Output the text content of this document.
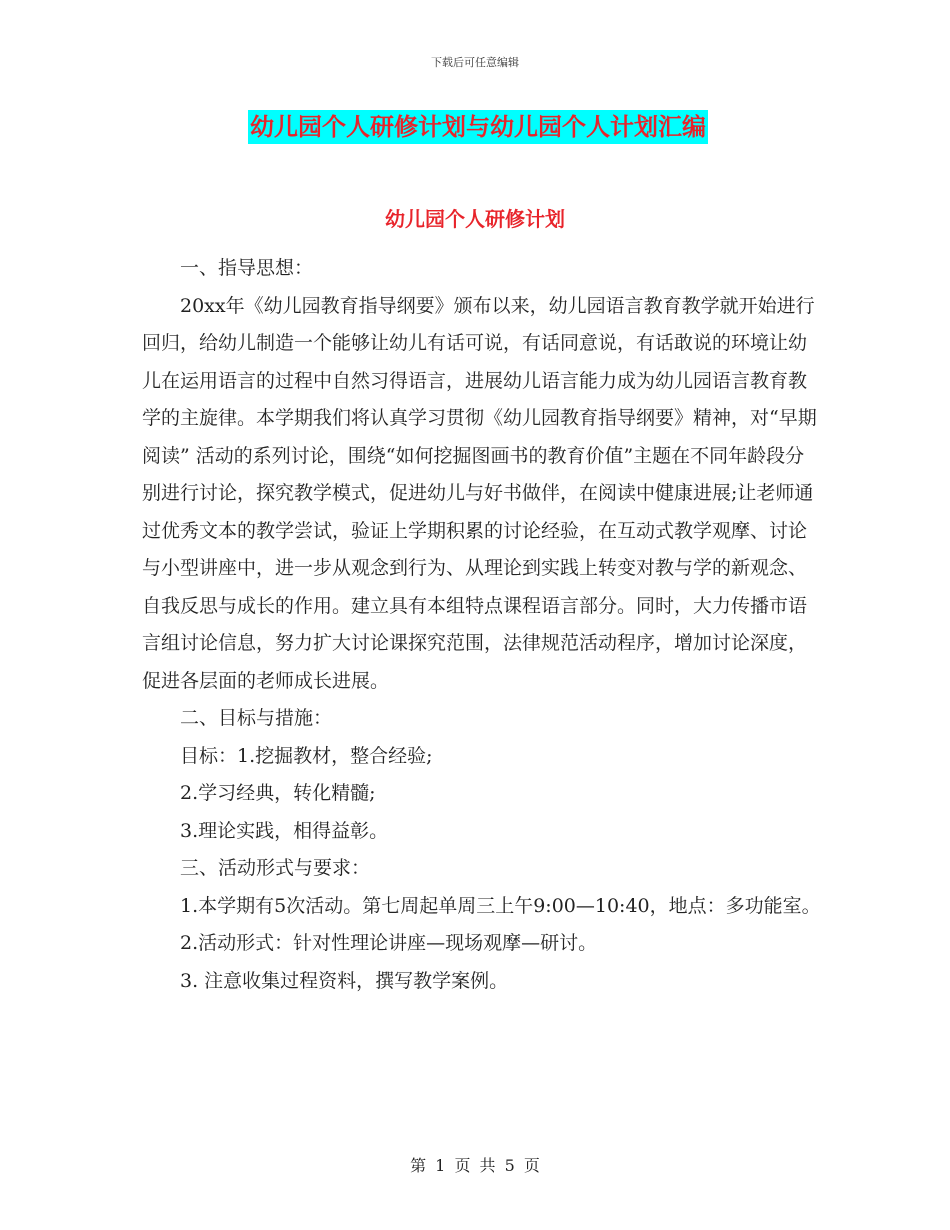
下载后可任意编辑
幼儿园个人研修计划与幼儿园个人计划汇编
幼儿园个人研修计划

一、指导思想：

20xx年《幼儿园教育指导纲要》颁布以来，幼儿园语言教育教学就开始进行回归，给幼儿制造一个能够让幼儿有话可说，有话同意说，有话敢说的环境让幼儿在运用语言的过程中自然习得语言，进展幼儿语言能力成为幼儿园语言教育教学的主旋律。本学期我们将认真学习贯彻《幼儿园教育指导纲要》精神，对“早期阅读” 活动的系列讨论，围绕“如何挖掘图画书的教育价值”主题在不同年龄段分别进行讨论，探究教学模式，促进幼儿与好书做伴，在阅读中健康进展;让老师通过优秀文本的教学尝试，验证上学期积累的讨论经验，在互动式教学观摩、讨论与小型讲座中，进一步从观念到行为、从理论到实践上转变对教与学的新观念、自我反思与成长的作用。建立具有本组特点课程语言部分。同时，大力传播市语言组讨论信息，努力扩大讨论课探究范围，法律规范活动程序，增加讨论深度，促进各层面的老师成长进展。

二、目标与措施：

目标：1.挖掘教材，整合经验;

2.学习经典，转化精髓;

3.理论实践，相得益彰。

三、活动形式与要求：

1.本学期有5次活动。第七周起单周三上午9:00—10:40，地点：多功能室。

2.活动形式：针对性理论讲座—现场观摩—研讨。

3. 注意收集过程资料，撰写教学案例。

第 1 页 共 5 页
